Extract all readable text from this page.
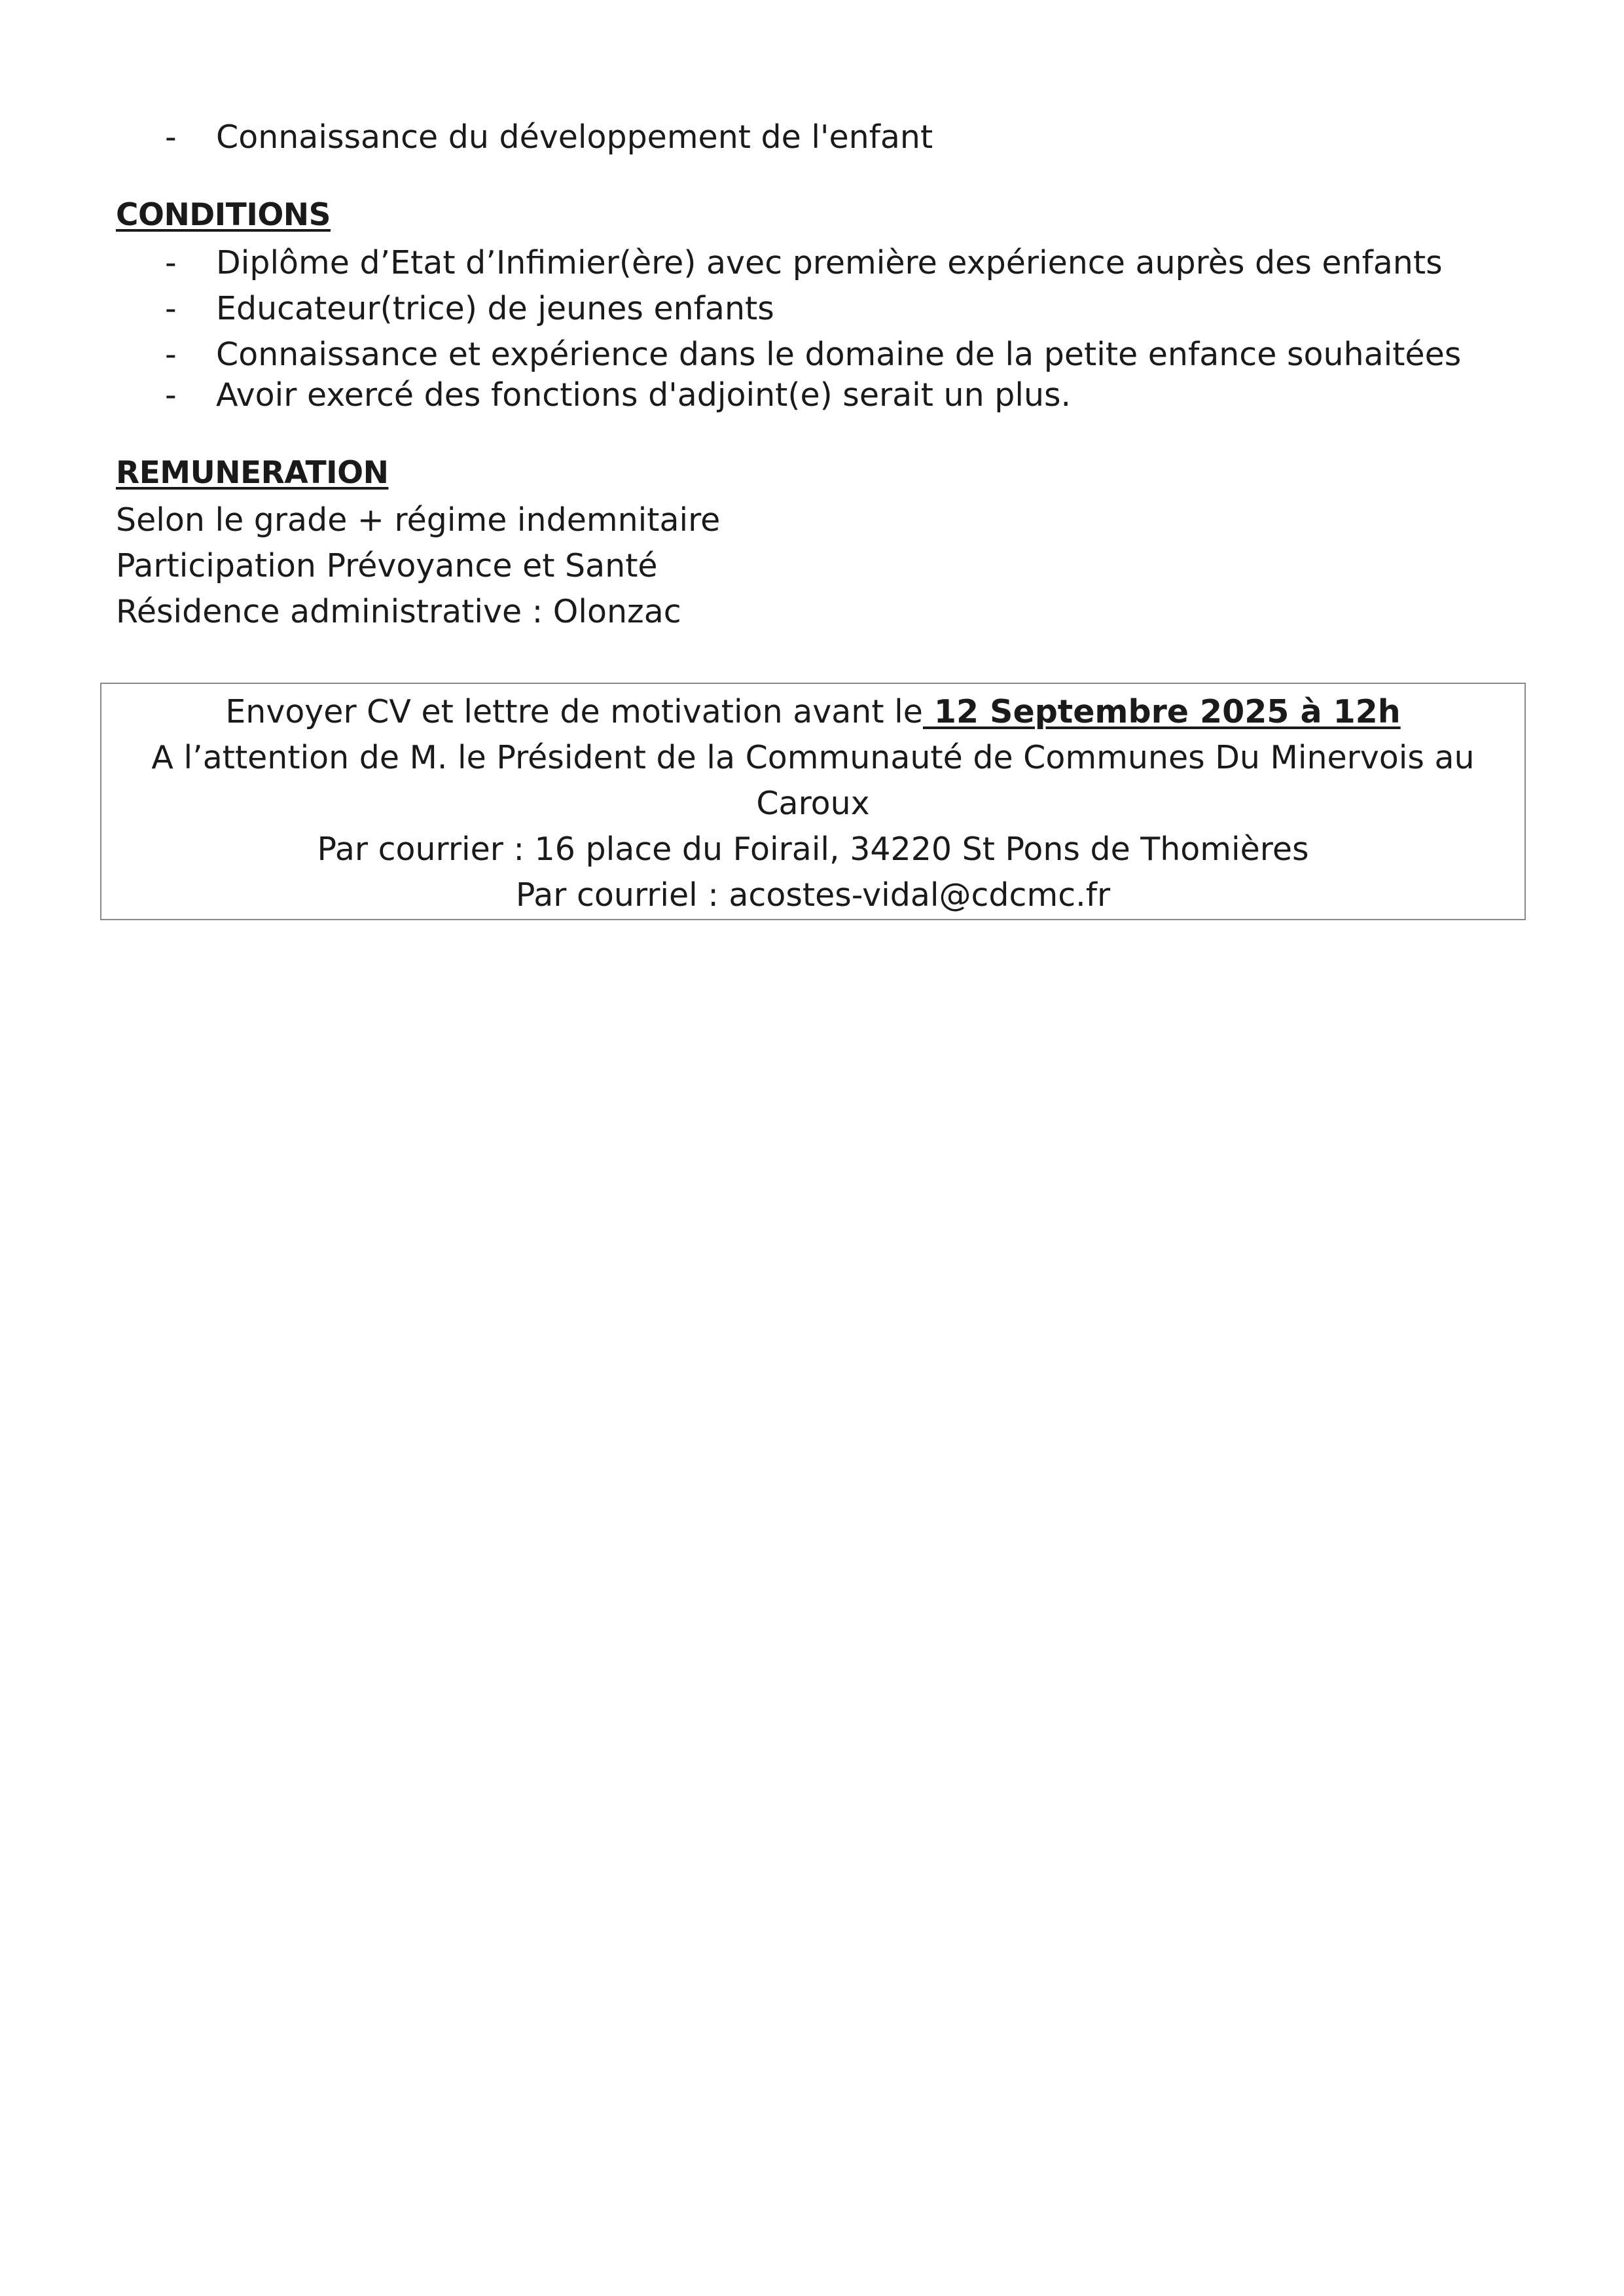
- Connaissance du développement de l'enfant
CONDITIONS
- Diplôme d’Etat d’Infimier(ère) avec première expérience auprès des enfants
- Educateur(trice) de jeunes enfants
- Connaissance et expérience dans le domaine de la petite enfance souhaitées
- Avoir exercé des fonctions d'adjoint(e) serait un plus.
REMUNERATION
Selon le grade + régime indemnitaire
Participation Prévoyance et Santé
Résidence administrative : Olonzac
Envoyer CV et lettre de motivation avant le 12 Septembre 2025 à 12h
A l’attention de M. le Président de la Communauté de Communes Du Minervois au
Caroux
Par courrier : 16 place du Foirail, 34220 St Pons de Thomières
Par courriel : acostes-vidal@cdcmc.fr
